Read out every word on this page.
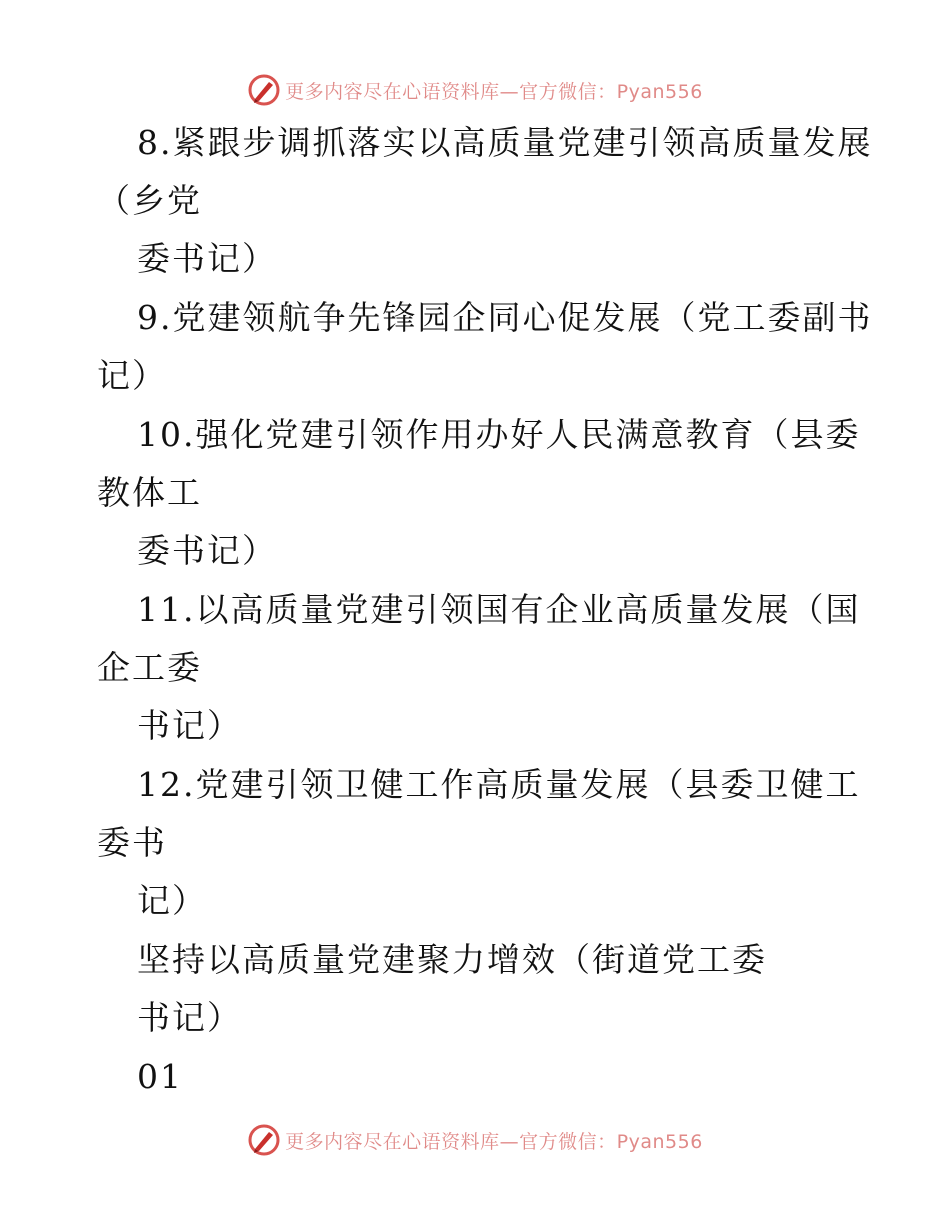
更多内容尽在心语资料库—官方微信：Pyan556
8.紧跟步调抓落实以高质量党建引领高质量发展
（乡党
委书记）
9.党建领航争先锋园企同心促发展（党工委副书
记）
10.强化党建引领作用办好人民满意教育（县委
教体工
委书记）
11.以高质量党建引领国有企业高质量发展（国
企工委
书记）
12.党建引领卫健工作高质量发展（县委卫健工
委书
记）
坚持以高质量党建聚力增效（街道党工委
书记）
01
更多内容尽在心语资料库—官方微信：Pyan556
